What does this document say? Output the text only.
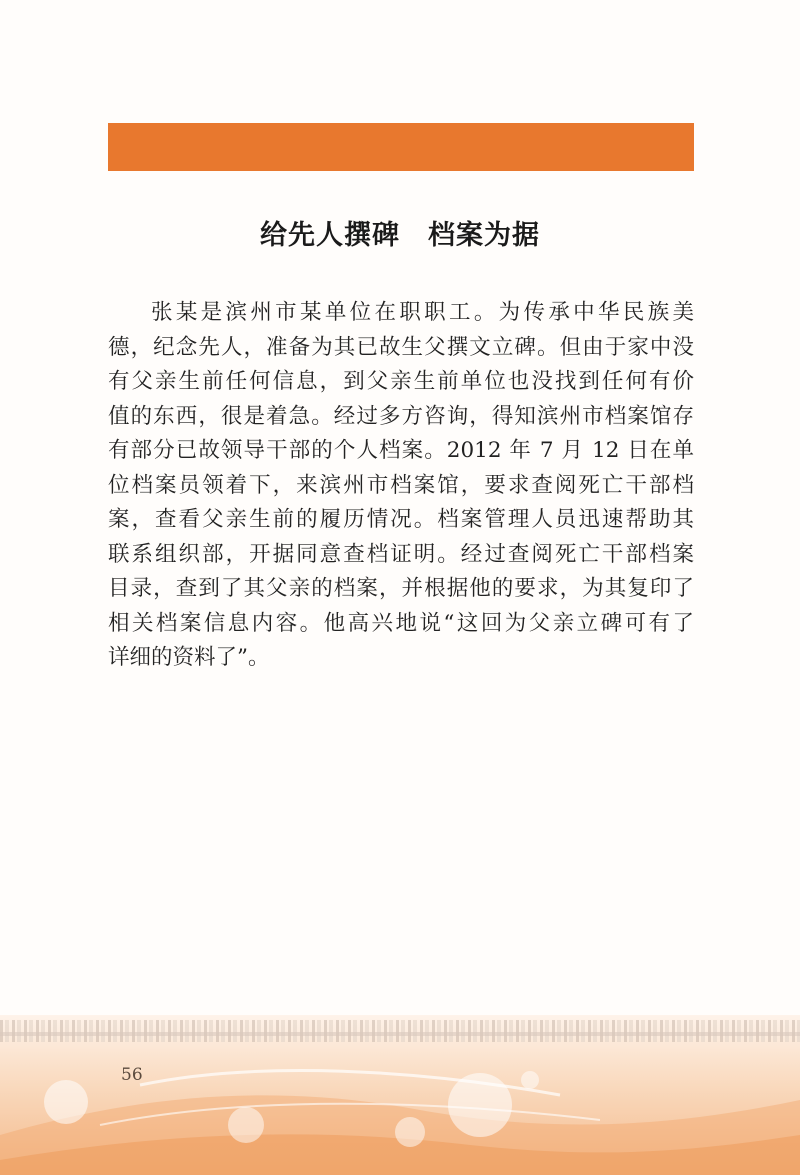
给先人撰碑　档案为据
张某是滨州市某单位在职职工。为传承中华民族美
德，纪念先人，准备为其已故生父撰文立碑。但由于家中没
有父亲生前任何信息，到父亲生前单位也没找到任何有价
值的东西，很是着急。经过多方咨询，得知滨州市档案馆存
有部分已故领导干部的个人档案。2012 年 7 月 12 日在单
位档案员领着下，来滨州市档案馆，要求查阅死亡干部档
案，查看父亲生前的履历情况。档案管理人员迅速帮助其
联系组织部，开据同意查档证明。经过查阅死亡干部档案
目录，查到了其父亲的档案，并根据他的要求，为其复印了
相关档案信息内容。他高兴地说“这回为父亲立碑可有了
详细的资料了”。
56
